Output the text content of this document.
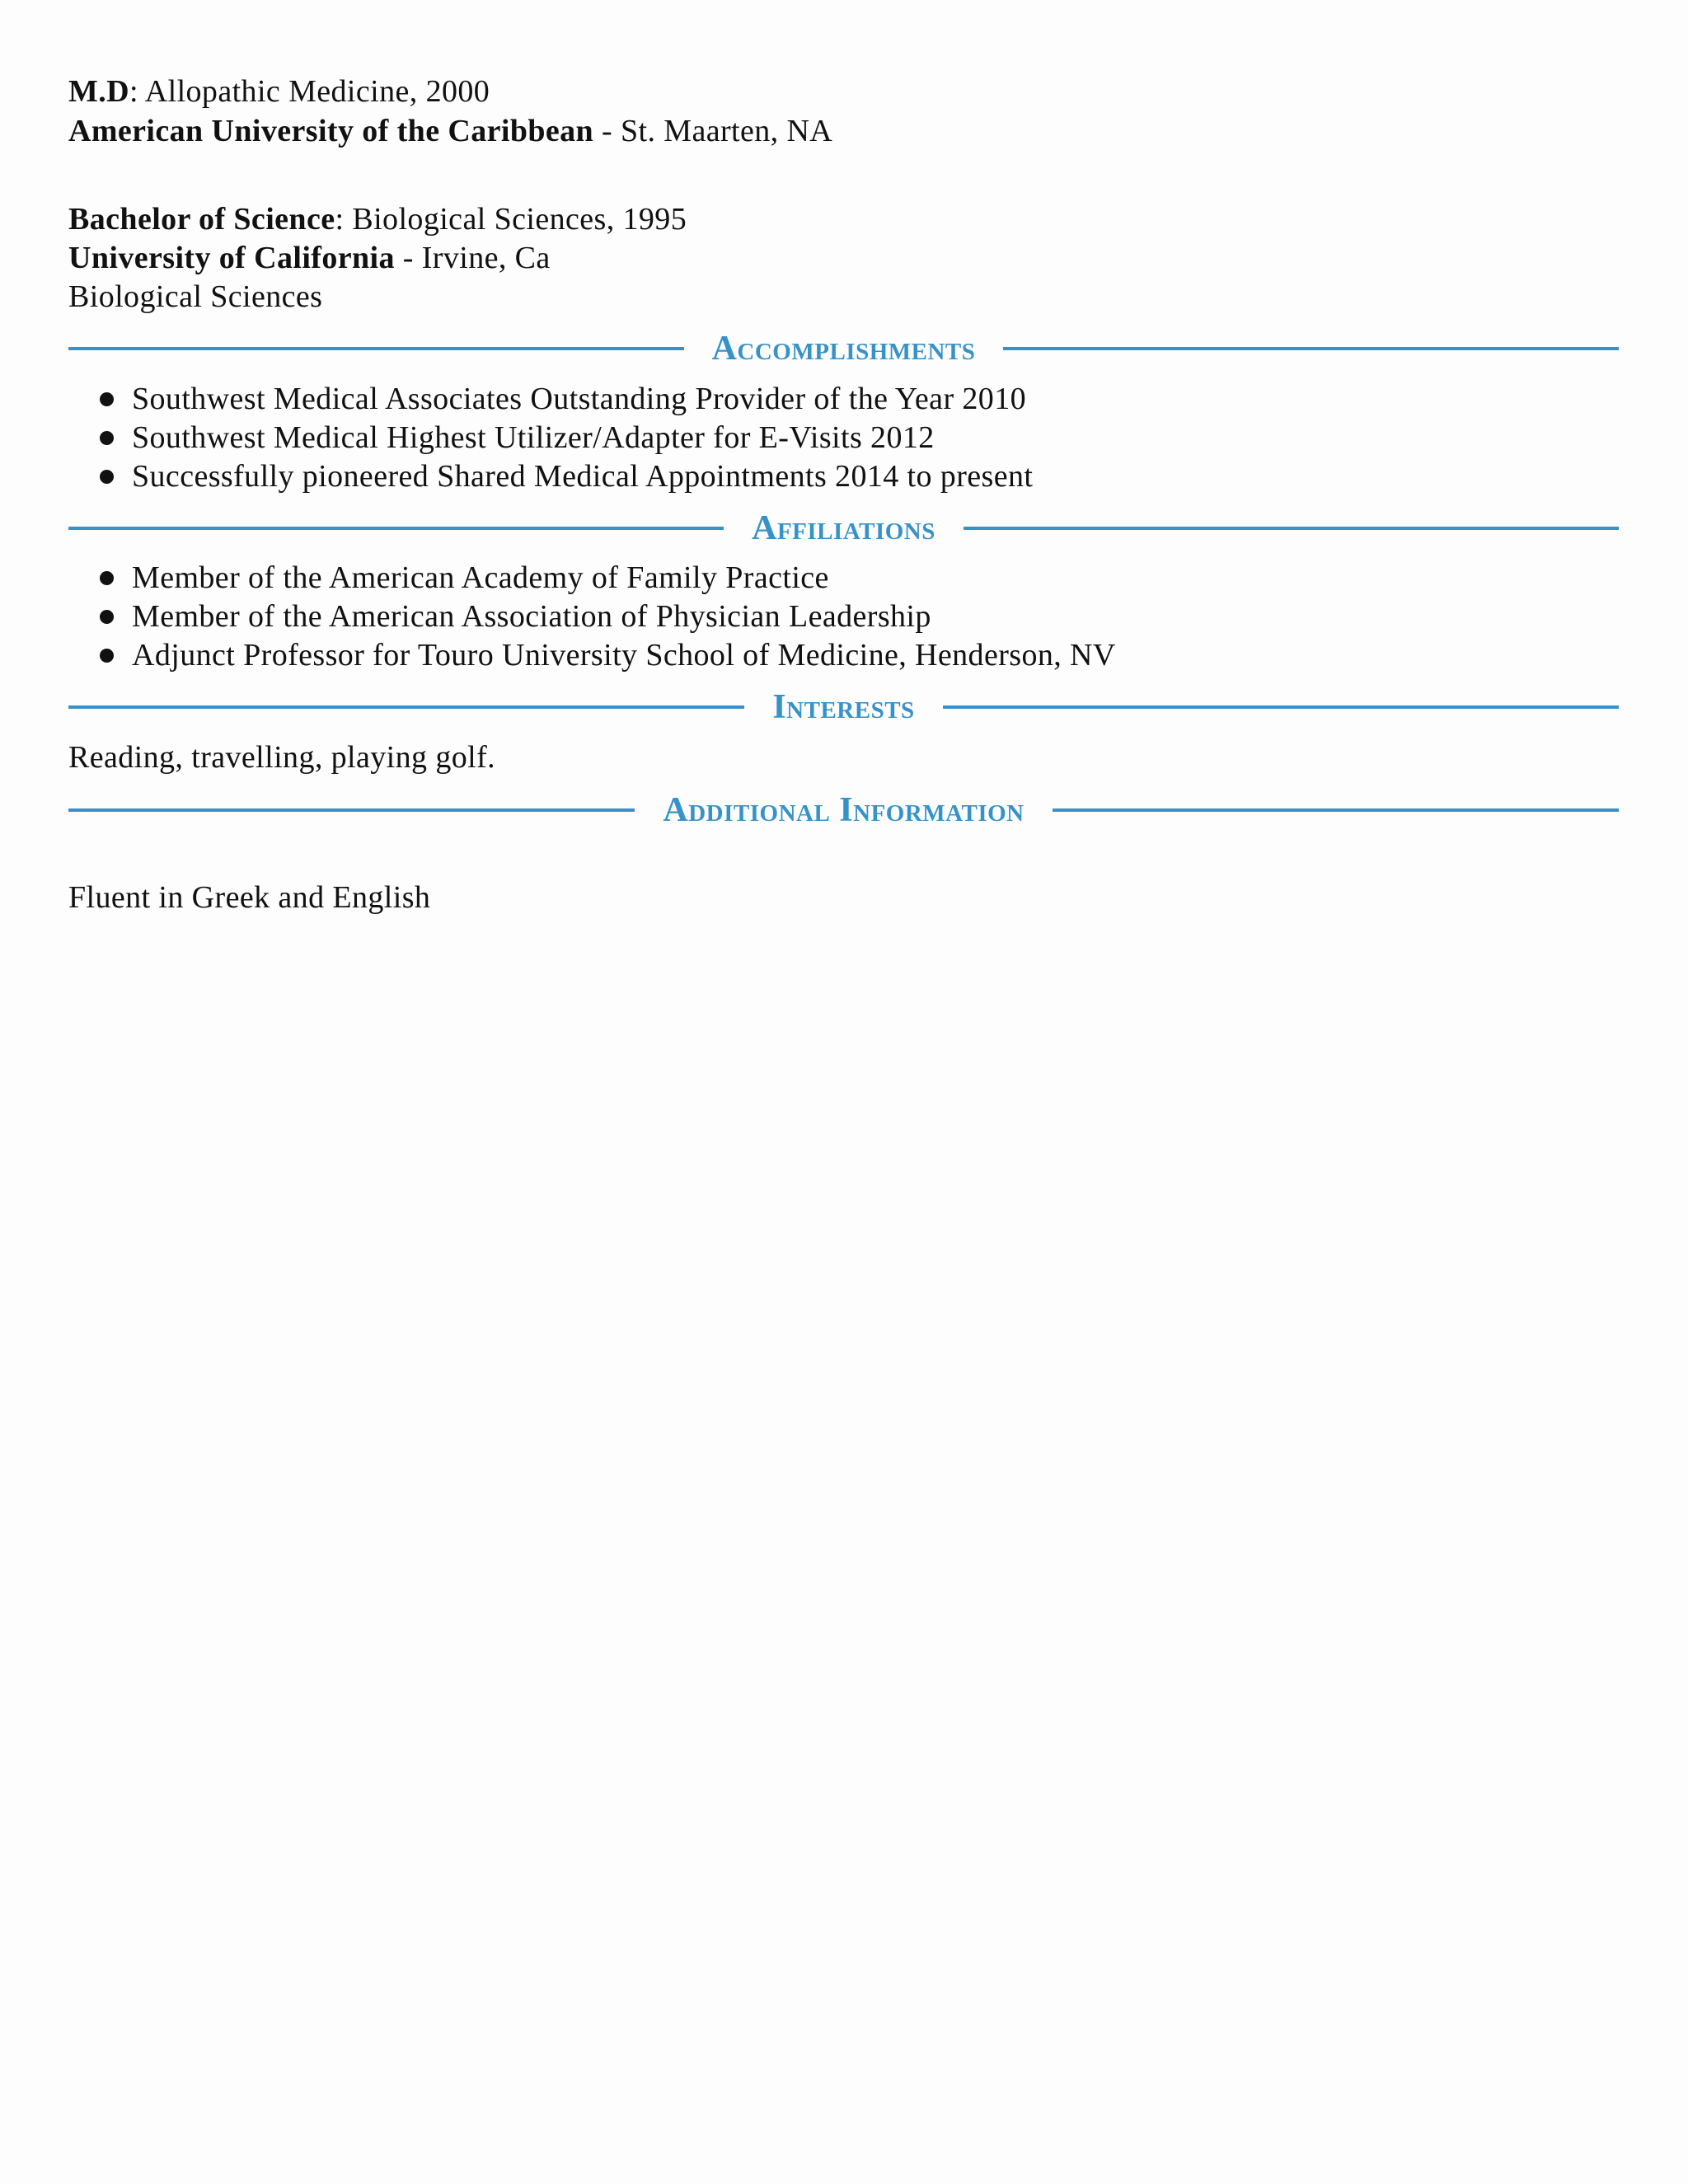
M.D: Allopathic Medicine, 2000
American University of the Caribbean - St. Maarten, NA
Bachelor of Science: Biological Sciences, 1995
University of California - Irvine, Ca
Biological Sciences
Accomplishments
Southwest Medical Associates Outstanding Provider of the Year 2010
Southwest Medical Highest Utilizer/Adapter for E-Visits 2012
Successfully pioneered Shared Medical Appointments 2014 to present
Affiliations
Member of the American Academy of Family Practice
Member of the American Association of Physician Leadership
Adjunct Professor for Touro University School of Medicine, Henderson, NV
Interests
Reading, travelling, playing golf.
Additional Information
Fluent in Greek and English
